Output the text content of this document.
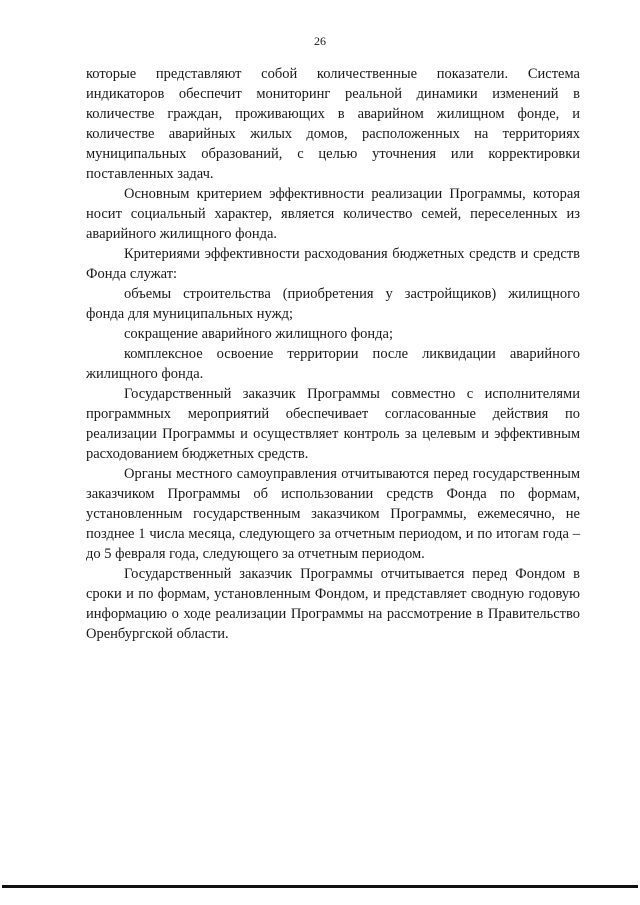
26

которые представляют собой количественные показатели. Система индикаторов обеспечит мониторинг реальной динамики изменений в количестве граждан, проживающих в аварийном жилищном фонде, и количестве аварийных жилых домов, расположенных на территориях муниципальных образований, с целью уточнения или корректировки поставленных задач.

Основным критерием эффективности реализации Программы, которая носит социальный характер, является количество семей, переселенных из аварийного жилищного фонда.

Критериями эффективности расходования бюджетных средств и средств Фонда служат:

объемы строительства (приобретения у застройщиков) жилищного фонда для муниципальных нужд;

сокращение аварийного жилищного фонда;

комплексное освоение территории после ликвидации аварийного жилищного фонда.

Государственный заказчик Программы совместно с исполнителями программных мероприятий обеспечивает согласованные действия по реализации Программы и осуществляет контроль за целевым и эффективным расходованием бюджетных средств.

Органы местного самоуправления отчитываются перед государственным заказчиком Программы об использовании средств Фонда по формам, установленным государственным заказчиком Программы, ежемесячно, не позднее 1 числа месяца, следующего за отчетным периодом, и по итогам года – до 5 февраля года, следующего за отчетным периодом.

Государственный заказчик Программы отчитывается перед Фондом в сроки и по формам, установленным Фондом, и представляет сводную годовую информацию о ходе реализации Программы на рассмотрение в Правительство Оренбургской области.
